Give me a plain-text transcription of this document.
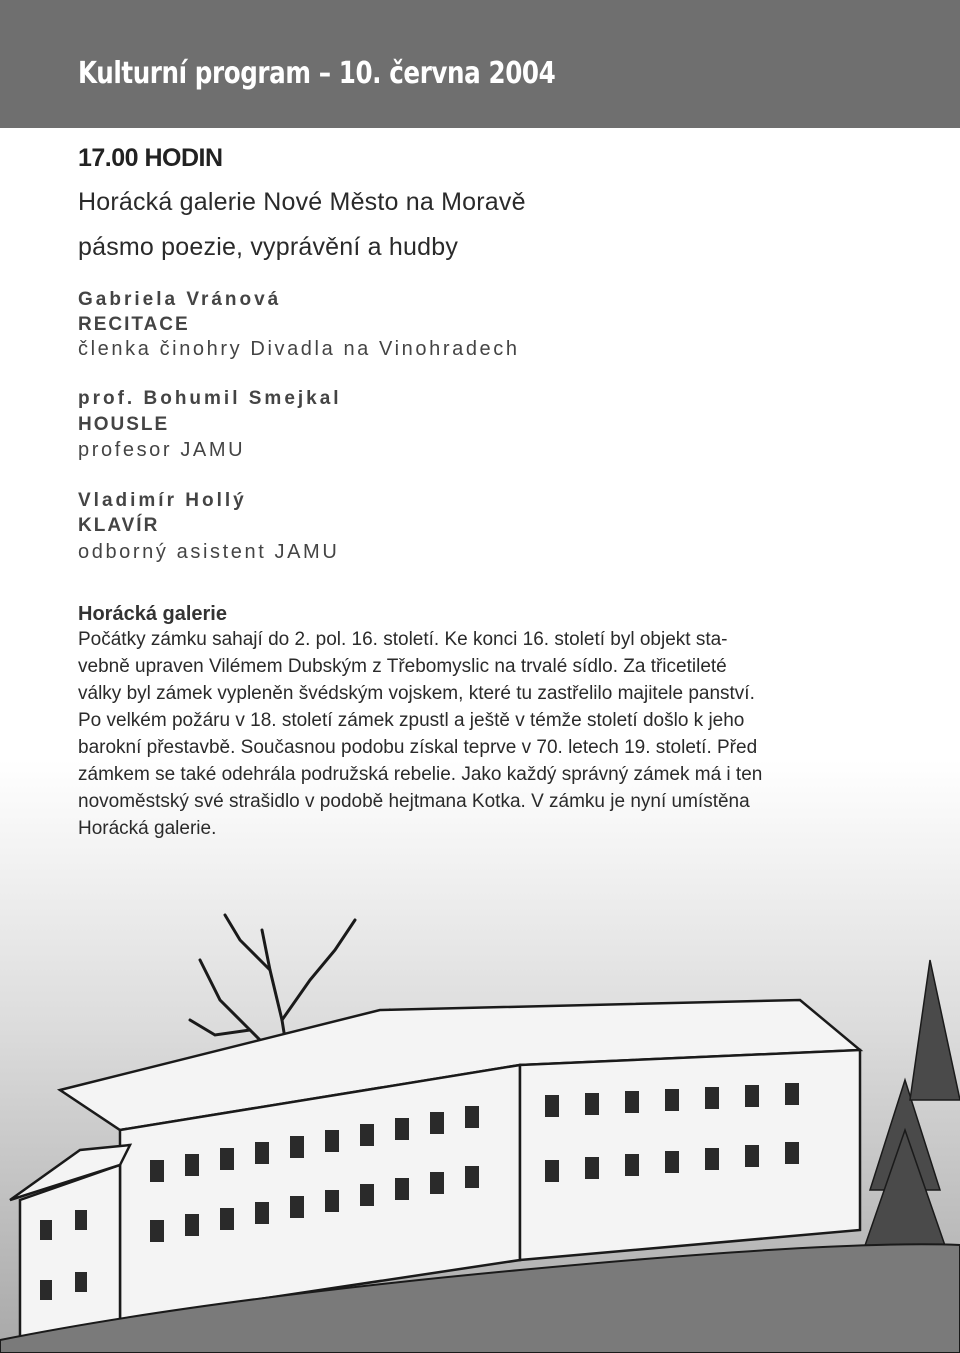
Kulturní program – 10. června 2004
17.00 HODIN
Horácká galerie Nové Město na Moravě
pásmo poezie, vyprávění a hudby
Gabriela Vránová
RECITACE
členka činohry Divadla na Vinohradech
prof. Bohumil Smejkal
HOUSLE
profesor JAMU
Vladimír Hollý
KLAVÍR
odborný asistent JAMU
Horácká galerie
Počátky zámku sahají do 2. pol. 16. století. Ke konci 16. století byl objekt sta-
vebně upraven Vilémem Dubským z Třebomyslic na trvalé sídlo. Za třicetileté
války byl zámek vypleněn švédským vojskem, které tu zastřelilo majitele panství.
Po velkém požáru v 18. století zámek zpustl a ještě v témže století došlo k jeho
barokní přestavbě. Současnou podobu získal teprve v 70. letech 19. století. Před
zámkem se také odehrála podružská rebelie. Jako každý správný zámek má i ten
novoměstský své strašidlo v podobě hejtmana Kotka. V zámku je nyní umístěna
Horácká galerie.
